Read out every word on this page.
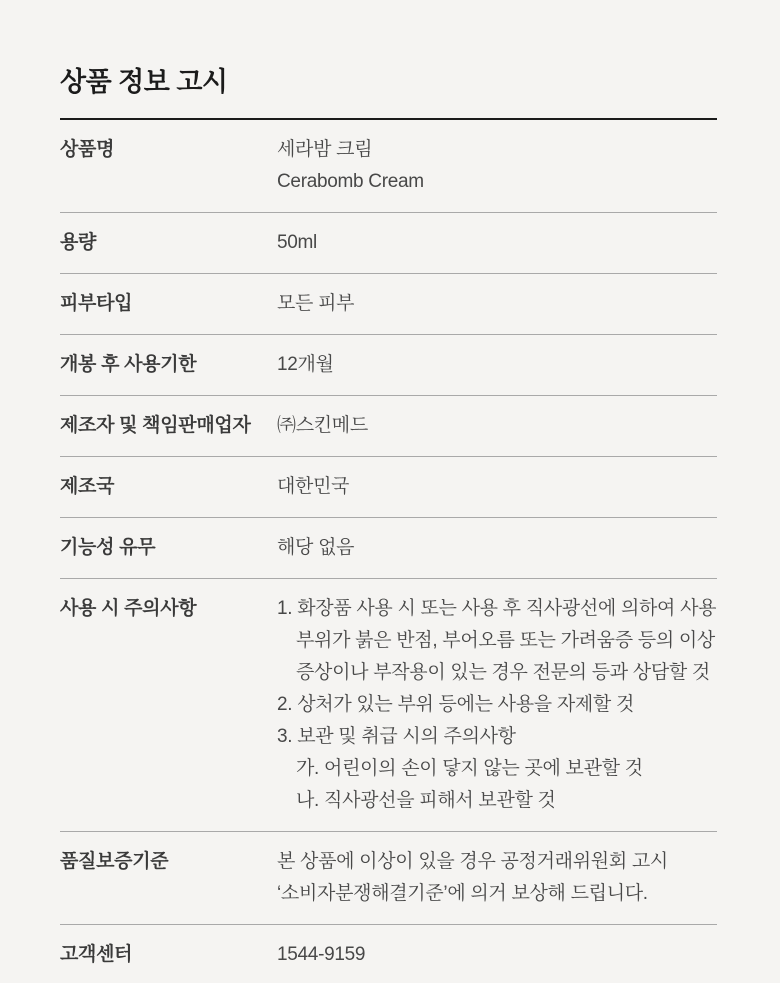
상품 정보 고시
상품명	세라밤 크림
Cerabomb Cream
용량	50ml
피부타입	모든 피부
개봉 후 사용기한	12개월
제조자 및 책임판매업자	㈜스킨메드
제조국	대한민국
기능성 유무	해당 없음
사용 시 주의사항	1. 화장품 사용 시 또는 사용 후 직사광선에 의하여 사용
부위가 붉은 반점, 부어오름 또는 가려움증 등의 이상
증상이나 부작용이 있는 경우 전문의 등과 상담할 것
2. 상처가 있는 부위 등에는 사용을 자제할 것
3. 보관 및 취급 시의 주의사항
가. 어린이의 손이 닿지 않는 곳에 보관할 것
나. 직사광선을 피해서 보관할 것
품질보증기준	본 상품에 이상이 있을 경우 공정거래위원회 고시
‘소비자분쟁해결기준’에 의거 보상해 드립니다.
고객센터	1544-9159
